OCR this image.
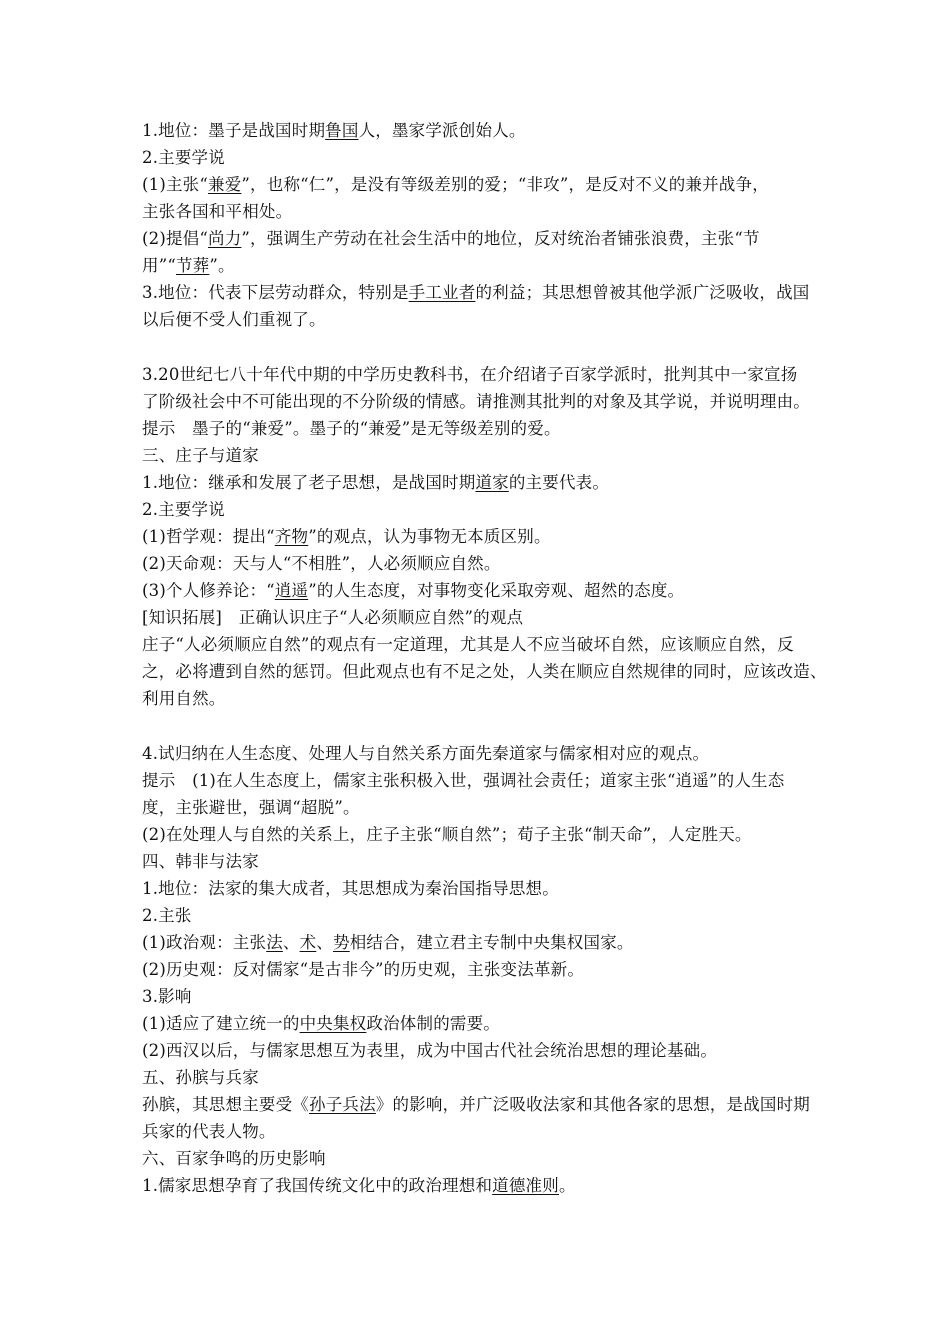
1.地位：墨子是战国时期鲁国人，墨家学派创始人。
2.主要学说
(1)主张“兼爱”，也称“仁”，是没有等级差别的爱；“非攻”，是反对不义的兼并战争，
主张各国和平相处。
(2)提倡“尚力”，强调生产劳动在社会生活中的地位，反对统治者铺张浪费，主张“节
用”“节葬”。
3.地位：代表下层劳动群众，特别是手工业者的利益；其思想曾被其他学派广泛吸收，战国
以后便不受人们重视了。
3.20世纪七八十年代中期的中学历史教科书，在介绍诸子百家学派时，批判其中一家宣扬
了阶级社会中不可能出现的不分阶级的情感。请推测其批判的对象及其学说，并说明理由。
提示　墨子的“兼爱”。墨子的“兼爱”是无等级差别的爱。
三、庄子与道家
1.地位：继承和发展了老子思想，是战国时期道家的主要代表。
2.主要学说
(1)哲学观：提出“齐物”的观点，认为事物无本质区别。
(2)天命观：天与人“不相胜”，人必须顺应自然。
(3)个人修养论：“逍遥”的人生态度，对事物变化采取旁观、超然的态度。
[知识拓展]　正确认识庄子“人必须顺应自然”的观点
庄子“人必须顺应自然”的观点有一定道理，尤其是人不应当破坏自然，应该顺应自然，反
之，必将遭到自然的惩罚。但此观点也有不足之处，人类在顺应自然规律的同时，应该改造、
利用自然。
4.试归纳在人生态度、处理人与自然关系方面先秦道家与儒家相对应的观点。
提示　(1)在人生态度上，儒家主张积极入世，强调社会责任；道家主张“逍遥”的人生态
度，主张避世，强调“超脱”。
(2)在处理人与自然的关系上，庄子主张“顺自然”；荀子主张“制天命”，人定胜天。
四、韩非与法家
1.地位：法家的集大成者，其思想成为秦治国指导思想。
2.主张
(1)政治观：主张法、术、势相结合，建立君主专制中央集权国家。
(2)历史观：反对儒家“是古非今”的历史观，主张变法革新。
3.影响
(1)适应了建立统一的中央集权政治体制的需要。
(2)西汉以后，与儒家思想互为表里，成为中国古代社会统治思想的理论基础。
五、孙膑与兵家
孙膑，其思想主要受《孙子兵法》的影响，并广泛吸收法家和其他各家的思想，是战国时期
兵家的代表人物。
六、百家争鸣的历史影响
1.儒家思想孕育了我国传统文化中的政治理想和道德准则。
